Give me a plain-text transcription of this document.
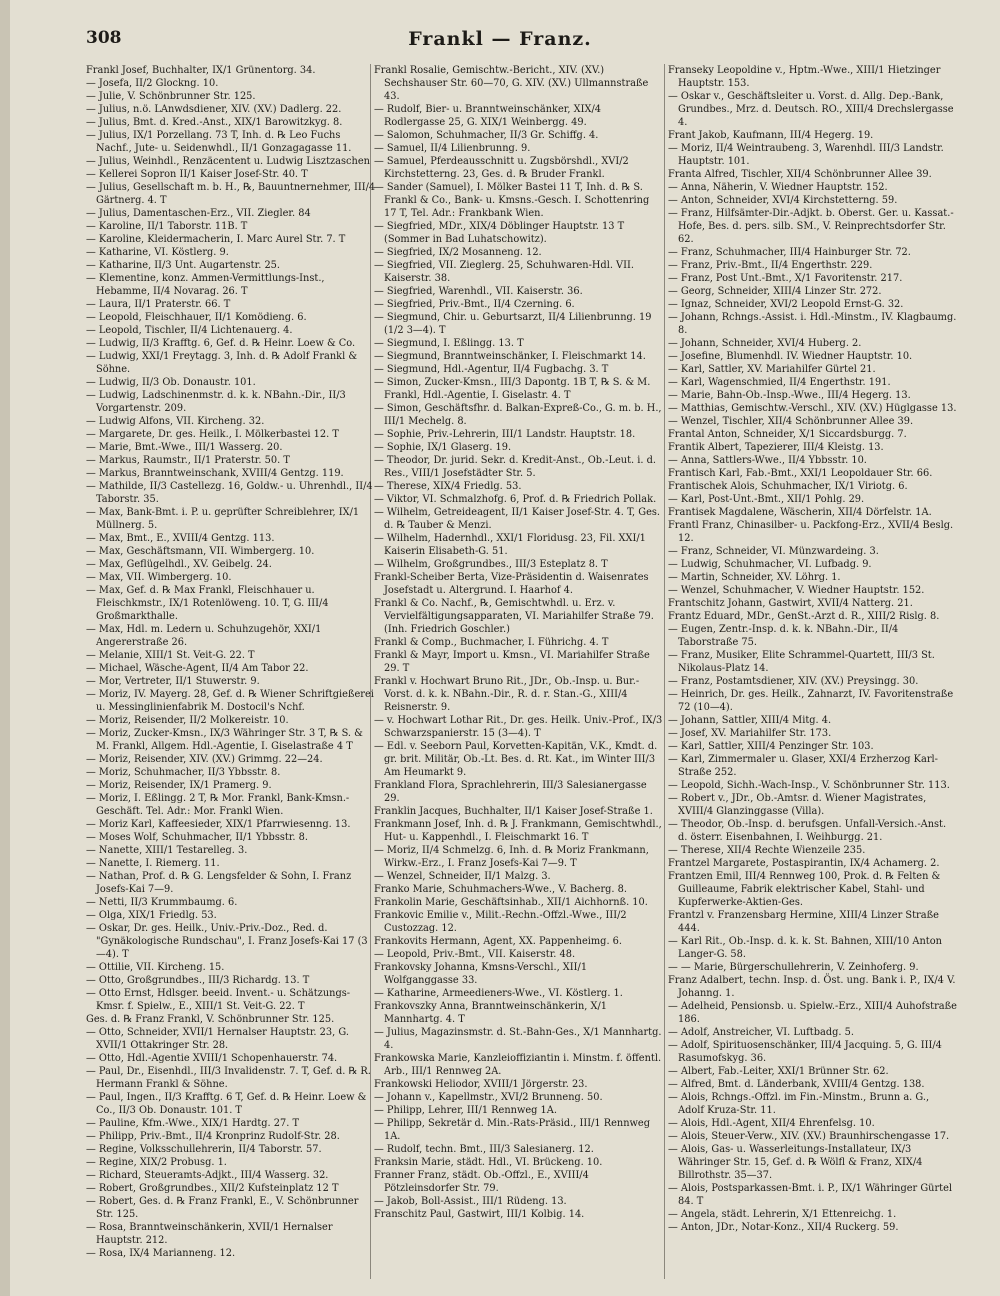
308	Frankl — Franz.
Frankl Josef, Buchhalter, IX/1 Grünentorg. 34.
— Josefa, II/2 Glockng. 10.
— Julie, V. Schönbrunner Str. 125.
— Julius, n.ö. LAnwdsdiener, XIV. (XV.) Dadlerg. 22.
— Julius, Bmt. d. Kred.-Anst., XIX/1 Barowitzkyg. 8.
— Julius, IX/1 Porzellang. 73 T, Inh. d. ℞ Leo Fuchs Nachf., Jute- u. Seidenwhdl., II/1 Gonzagagasse 11.
— Julius, Weinhdl., Renzäcentent u. Ludwig Lisztzaschen
— Kellerei Sopron II/1 Kaiser Josef-Str. 40. T
— Julius, Gesellschaft m. b. H., ℞, Bauuntnernehmer, III/4 Gärtnerg. 4. T
— Julius, Damentaschen-Erz., VII. Ziegler. 84
— Karoline, II/1 Taborstr. 11B. T
— Karoline, Kleidermacherin, I. Marc Aurel Str. 7. T
— Katharine, VI. Köstlerg. 9.
— Katharine, II/3 Unt. Augartenstr. 25.
— Klementine, konz. Ammen-Vermittlungs-Inst., Hebamme, II/4 Novarag. 26. T
— Laura, II/1 Praterstr. 66. T
— Leopold, Fleischhauer, II/1 Komödieng. 6.
— Leopold, Tischler, II/4 Lichtenauerg. 4.
— Ludwig, II/3 Krafftg. 6, Gef. d. ℞ Heinr. Loew & Co.
— Ludwig, XXI/1 Freytagg. 3, Inh. d. ℞ Adolf Frankl & Söhne.
— Ludwig, II/3 Ob. Donaustr. 101.
— Ludwig, Ladschinenmstr. d. k. k. NBahn.-Dir., II/3 Vorgartenstr. 209.
— Ludwig Alfons, VII. Kircheng. 32.
— Margarete, Dr. ges. Heilk., I. Mölkerbastei 12. T
— Marie, Bmt.-Wwe., III/1 Wasserg. 20.
— Markus, Raumstr., II/1 Praterstr. 50. T
— Markus, Branntweinschank, XVIII/4 Gentzg. 119.
— Mathilde, II/3 Castellezg. 16, Goldw.- u. Uhrenhdl., II/4 Taborstr. 35.
— Max, Bank-Bmt. i. P. u. geprüfter Schreiblehrer, IX/1 Müllnerg. 5.
— Max, Bmt., E., XVIII/4 Gentzg. 113.
— Max, Geschäftsmann, VII. Wimbergerg. 10.
— Max, Geflügelhdl., XV. Geibelg. 24.
— Max, VII. Wimbergerg. 10.
— Max, Gef. d. ℞ Max Frankl, Fleischhauer u. Fleischkmstr., IX/1 Rotenlöweng. 10. T, G. III/4 Großmarkthalle.
— Max, Hdl. m. Ledern u. Schuhzugehör, XXI/1 Angererstraße 26.
— Melanie, XIII/1 St. Veit-G. 22. T
— Michael, Wäsche-Agent, II/4 Am Tabor 22.
— Mor, Vertreter, II/1 Stuwerstr. 9.
— Moriz, IV. Mayerg. 28, Gef. d. ℞ Wiener Schriftgießerei u. Messinglinienfabrik M. Dostocil's Nchf.
— Moriz, Reisender, II/2 Molkereistr. 10.
— Moriz, Zucker-Kmsn., IX/3 Währinger Str. 3 T, ℞ S. & M. Frankl, Allgem. Hdl.-Agentie, I. Giselastraße 4 T
— Moriz, Reisender, XIV. (XV.) Grimmg. 22—24.
— Moriz, Schuhmacher, II/3 Ybbsstr. 8.
— Moriz, Reisender, IX/1 Pramerg. 9.
— Moriz, I. Eßlingg. 2 T, ℞ Mor. Frankl, Bank-Kmsn.-Geschäft. Tel. Adr.: Mor. Frankl Wien.
— Moriz Karl, Kaffeesieder, XIX/1 Pfarrwiesenng. 13.
— Moses Wolf, Schuhmacher, II/1 Ybbsstr. 8.
— Nanette, XIII/1 Testarelleg. 3.
— Nanette, I. Riemerg. 11.
— Nathan, Prof. d. ℞ G. Lengsfelder & Sohn, I. Franz Josefs-Kai 7—9.
— Netti, II/3 Krummbaumg. 6.
— Olga, XIX/1 Friedlg. 53.
— Oskar, Dr. ges. Heilk., Univ.-Priv.-Doz., Red. d. "Gynäkologische Rundschau", I. Franz Josefs-Kai 17 (3—4). T
— Ottilie, VII. Kircheng. 15.
— Otto, Großgrundbes., III/3 Richardg. 13. T
— Otto Ernst, Hdlsger. beeid. Invent.- u. Schätzungs-Kmsr. f. Spielw., E., XIII/1 St. Veit-G. 22. T
Ges. d. ℞ Franz Frankl, V. Schönbrunner Str. 125.
— Otto, Schneider, XVII/1 Hernalser Hauptstr. 23, G. XVII/1 Ottakringer Str. 28.
— Otto, Hdl.-Agentie XVIII/1 Schopenhauerstr. 74.
— Paul, Dr., Eisenhdl., III/3 Invalidenstr. 7. T, Gef. d. ℞ R. Hermann Frankl & Söhne.
— Paul, Ingen., II/3 Krafftg. 6 T, Gef. d. ℞ Heinr. Loew & Co., II/3 Ob. Donaustr. 101. T
— Pauline, Kfm.-Wwe., XIX/1 Hardtg. 27. T
— Philipp, Priv.-Bmt., II/4 Kronprinz Rudolf-Str. 28.
— Regine, Volksschullehrerin, II/4 Taborstr. 57.
— Regine, XIX/2 Probusg. 1.
— Richard, Steueramts-Adjkt., III/4 Wasserg. 32.
— Robert, Großgrundbes., XII/2 Kufsteinplatz 12 T
— Robert, Ges. d. ℞ Franz Frankl, E., V. Schönbrunner Str. 125.
— Rosa, Branntweinschänkerin, XVII/1 Hernalser Hauptstr. 212.
— Rosa, IX/4 Marianneng. 12.
Frankl Rosalie, Gemischtw.-Bericht., XIV. (XV.) Sechshauser Str. 60—70, G. XIV. (XV.) Ullmannstraße 43.
— Rudolf, Bier- u. Branntweinschänker, XIX/4 Rodlergasse 25, G. XIX/1 Weinbergg. 49.
— Salomon, Schuhmacher, II/3 Gr. Schiffg. 4.
— Samuel, II/4 Lilienbrunng. 9.
— Samuel, Pferdeausschnitt u. Zugsbörshdl., XVI/2 Kirchstetterng. 23, Ges. d. ℞ Bruder Frankl.
— Sander (Samuel), I. Mölker Bastei 11 T, Inh. d. ℞ S. Frankl & Co., Bank- u. Kmsns.-Gesch. I. Schottenring 17 T, Tel. Adr.: Frankbank Wien.
— Siegfried, MDr., XIX/4 Döblinger Hauptstr. 13 T (Sommer in Bad Luhatschowitz).
— Siegfried, IX/2 Mosanneng. 12.
— Siegfried, VII. Zieglerg. 25, Schuhwaren-Hdl. VII. Kaiserstr. 38.
— Siegfried, Warenhdl., VII. Kaiserstr. 36.
— Siegfried, Priv.-Bmt., II/4 Czerning. 6.
— Siegmund, Chir. u. Geburtsarzt, II/4 Lilienbrunng. 19 (1/2 3—4). T
— Siegmund, I. Eßlingg. 13. T
— Siegmund, Branntweinschänker, I. Fleischmarkt 14.
— Siegmund, Hdl.-Agentur, II/4 Fugbachg. 3. T
— Simon, Zucker-Kmsn., III/3 Dapontg. 1B T, ℞ S. & M. Frankl, Hdl.-Agentie, I. Giselastr. 4. T
— Simon, Geschäftsfhr. d. Balkan-Expreß-Co., G. m. b. H., III/1 Mechelg. 8.
— Sophie, Priv.-Lehrerin, III/1 Landstr. Hauptstr. 18.
— Sophie, IX/1 Glaserg. 19.
— Theodor, Dr. jurid. Sekr. d. Kredit-Anst., Ob.-Leut. i. d. Res., VIII/1 Josefstädter Str. 5.
— Therese, XIX/4 Friedlg. 53.
— Viktor, VI. Schmalzhofg. 6, Prof. d. ℞ Friedrich Pollak.
— Wilhelm, Getreideagent, II/1 Kaiser Josef-Str. 4. T, Ges. d. ℞ Tauber & Menzi.
— Wilhelm, Hadernhdl., XXI/1 Floridusg. 23, Fil. XXI/1 Kaiserin Elisabeth-G. 51.
— Wilhelm, Großgrundbes., III/3 Esteplatz 8. T
Frankl-Scheiber Berta, Vize-Präsidentin d. Waisenrates Josefstadt u. Altergrund. I. Haarhof 4.
Frankl & Co. Nachf., ℞, Gemischtwhdl. u. Erz. v. Vervielfältigungsapparaten, VI. Mariahilfer Straße 79. (Inh. Friedrich Goschler.)
Frankl & Comp., Buchmacher, I. Führichg. 4. T
Frankl & Mayr, Import u. Kmsn., VI. Mariahilfer Straße 29. T
Frankl v. Hochwart Bruno Rit., JDr., Ob.-Insp. u. Bur.-Vorst. d. k. k. NBahn.-Dir., R. d. r. Stan.-G., XIII/4 Reisnerstr. 9.
— v. Hochwart Lothar Rit., Dr. ges. Heilk. Univ.-Prof., IX/3 Schwarzspanierstr. 15 (3—4). T
— Edl. v. Seeborn Paul, Korvetten-Kapitän, V.K., Kmdt. d. gr. brit. Militär, Ob.-Lt. Bes. d. Rt. Kat., im Winter III/3 Am Heumarkt 9.
Frankland Flora, Sprachlehrerin, III/3 Salesianergasse 29.
Franklin Jacques, Buchhalter, II/1 Kaiser Josef-Straße 1.
Frankmann Josef, Inh. d. ℞ J. Frankmann, Gemischtwhdl., Hut- u. Kappenhdl., I. Fleischmarkt 16. T
— Moriz, II/4 Schmelzg. 6, Inh. d. ℞ Moriz Frankmann, Wirkw.-Erz., I. Franz Josefs-Kai 7—9. T
— Wenzel, Schneider, II/1 Malzg. 3.
Franko Marie, Schuhmachers-Wwe., V. Bacherg. 8.
Frankolin Marie, Geschäftsinhab., XII/1 Aichhornß. 10.
Frankovic Emilie v., Milit.-Rechn.-Offzl.-Wwe., III/2 Custozzag. 12.
Frankovits Hermann, Agent, XX. Pappenheimg. 6.
— Leopold, Priv.-Bmt., VII. Kaiserstr. 48.
Frankovsky Johanna, Kmsns-Verschl., XII/1 Wolfganggasse 33.
— Katharine, Armeedieners-Wwe., VI. Köstlerg. 1.
Frankovszky Anna, Branntweinschänkerin, X/1 Mannhartg. 4. T
— Julius, Magazinsmstr. d. St.-Bahn-Ges., X/1 Mannhartg. 4.
Frankowska Marie, Kanzleioffiziantin i. Minstm. f. öffentl. Arb., III/1 Rennweg 2A.
Frankowski Heliodor, XVIII/1 Jörgerstr. 23.
— Johann v., Kapellmstr., XVI/2 Brunneng. 50.
— Philipp, Lehrer, III/1 Rennweg 1A.
— Philipp, Sekretär d. Min.-Rats-Präsid., III/1 Rennweg 1A.
— Rudolf, techn. Bmt., III/3 Salesianerg. 12.
Franksin Marie, städt. Hdl., VI. Brückeng. 10.
Franner Franz, städt. Ob.-Offzl., E., XVIII/4 Pötzleinsdorfer Str. 79.
— Jakob, Boll-Assist., III/1 Rüdeng. 13.
Franschitz Paul, Gastwirt, III/1 Kolbig. 14.
Franseky Leopoldine v., Hptm.-Wwe., XIII/1 Hietzinger Hauptstr. 153.
— Oskar v., Geschäftsleiter u. Vorst. d. Allg. Dep.-Bank, Grundbes., Mrz. d. Deutsch. RO., XIII/4 Drechslergasse 4.
Frant Jakob, Kaufmann, III/4 Hegerg. 19.
— Moriz, II/4 Weintraubeng. 3, Warenhdl. III/3 Landstr. Hauptstr. 101.
Franta Alfred, Tischler, XII/4 Schönbrunner Allee 39.
— Anna, Näherin, V. Wiedner Hauptstr. 152.
— Anton, Schneider, XVI/4 Kirchstetterng. 59.
— Franz, Hilfsämter-Dir.-Adjkt. b. Oberst. Ger. u. Kassat.-Hofe, Bes. d. pers. silb. SM., V. Reinprechtsdorfer Str. 62.
— Franz, Schuhmacher, III/4 Hainburger Str. 72.
— Franz, Priv.-Bmt., II/4 Engerthstr. 229.
— Franz, Post Unt.-Bmt., X/1 Favoritenstr. 217.
— Georg, Schneider, XIII/4 Linzer Str. 272.
— Ignaz, Schneider, XVI/2 Leopold Ernst-G. 32.
— Johann, Rchngs.-Assist. i. Hdl.-Minstm., IV. Klagbaumg. 8.
— Johann, Schneider, XVI/4 Huberg. 2.
— Josefine, Blumenhdl. IV. Wiedner Hauptstr. 10.
— Karl, Sattler, XV. Mariahilfer Gürtel 21.
— Karl, Wagenschmied, II/4 Engerthstr. 191.
— Marie, Bahn-Ob.-Insp.-Wwe., III/4 Hegerg. 13.
— Matthias, Gemischtw.-Verschl., XIV. (XV.) Hüglgasse 13.
— Wenzel, Tischler, XII/4 Schönbrunner Allee 39.
Frantal Anton, Schneider, X/1 Siccardsburgg. 7.
Frantik Albert, Tapezierer, III/4 Kleistg. 13.
— Anna, Sattlers-Wwe., II/4 Ybbsstr. 10.
Frantisch Karl, Fab.-Bmt., XXI/1 Leopoldauer Str. 66.
Frantischek Alois, Schuhmacher, IX/1 Viriotg. 6.
— Karl, Post-Unt.-Bmt., XII/1 Pohlg. 29.
Frantisek Magdalene, Wäscherin, XII/4 Dörfelstr. 1A.
Frantl Franz, Chinasilber- u. Packfong-Erz., XVII/4 Beslg. 12.
— Franz, Schneider, VI. Münzwardeing. 3.
— Ludwig, Schuhmacher, VI. Lufbadg. 9.
— Martin, Schneider, XV. Löhrg. 1.
— Wenzel, Schuhmacher, V. Wiedner Hauptstr. 152.
Frantschitz Johann, Gastwirt, XVII/4 Natterg. 21.
Frantz Eduard, MDr., GenSt.-Arzt d. R., XIII/2 Rislg. 8.
— Eugen, Zentr.-Insp. d. k. k. NBahn.-Dir., II/4 Taborstraße 75.
— Franz, Musiker, Elite Schrammel-Quartett, III/3 St. Nikolaus-Platz 14.
— Franz, Postamtsdiener, XIV. (XV.) Preysingg. 30.
— Heinrich, Dr. ges. Heilk., Zahnarzt, IV. Favoritenstraße 72 (10—4).
— Johann, Sattler, XIII/4 Mitg. 4.
— Josef, XV. Mariahilfer Str. 173.
— Karl, Sattler, XIII/4 Penzinger Str. 103.
— Karl, Zimmermaler u. Glaser, XXI/4 Erzherzog Karl-Straße 252.
— Leopold, Sichh.-Wach-Insp., V. Schönbrunner Str. 113.
— Robert v., JDr., Ob.-Amtsr. d. Wiener Magistrates, XVIII/4 Glanzinggasse (Villa).
— Theodor, Ob.-Insp. d. berufsgen. Unfall-Versich.-Anst. d. österr. Eisenbahnen, I. Weihburgg. 21.
— Therese, XII/4 Rechte Wienzeile 235.
Frantzel Margarete, Postaspirantin, IX/4 Achamerg. 2.
Frantzen Emil, III/4 Rennweg 100, Prok. d. ℞ Felten & Guilleaume, Fabrik elektrischer Kabel, Stahl- und Kupferwerke-Aktien-Ges.
Frantzl v. Franzensbarg Hermine, XIII/4 Linzer Straße 444.
— Karl Rit., Ob.-Insp. d. k. k. St. Bahnen, XIII/10 Anton Langer-G. 58.
— — Marie, Bürgerschullehrerin, V. Zeinhoferg. 9.
Franz Adalbert, techn. Insp. d. Öst. ung. Bank i. P., IX/4 V. Johanng. 1.
— Adelheid, Pensionsb. u. Spielw.-Erz., XIII/4 Auhofstraße 186.
— Adolf, Anstreicher, VI. Luftbadg. 5.
— Adolf, Spirituosenschänker, III/4 Jacquing. 5, G. III/4 Rasumofskyg. 36.
— Albert, Fab.-Leiter, XXI/1 Brünner Str. 62.
— Alfred, Bmt. d. Länderbank, XVIII/4 Gentzg. 138.
— Alois, Rchngs.-Offzl. im Fin.-Minstm., Brunn a. G., Adolf Kruza-Str. 11.
— Alois, Hdl.-Agent, XII/4 Ehrenfelsg. 10.
— Alois, Steuer-Verw., XIV. (XV.) Braunhirschengasse 17.
— Alois, Gas- u. Wasserleitungs-Installateur, IX/3 Währinger Str. 15, Gef. d. ℞ Wölfl & Franz, XIX/4 Billrothstr. 35—37.
— Alois, Postsparkassen-Bmt. i. P., IX/1 Währinger Gürtel 84. T
— Angela, städt. Lehrerin, X/1 Ettenreichg. 1.
— Anton, JDr., Notar-Konz., XII/4 Ruckerg. 59.
